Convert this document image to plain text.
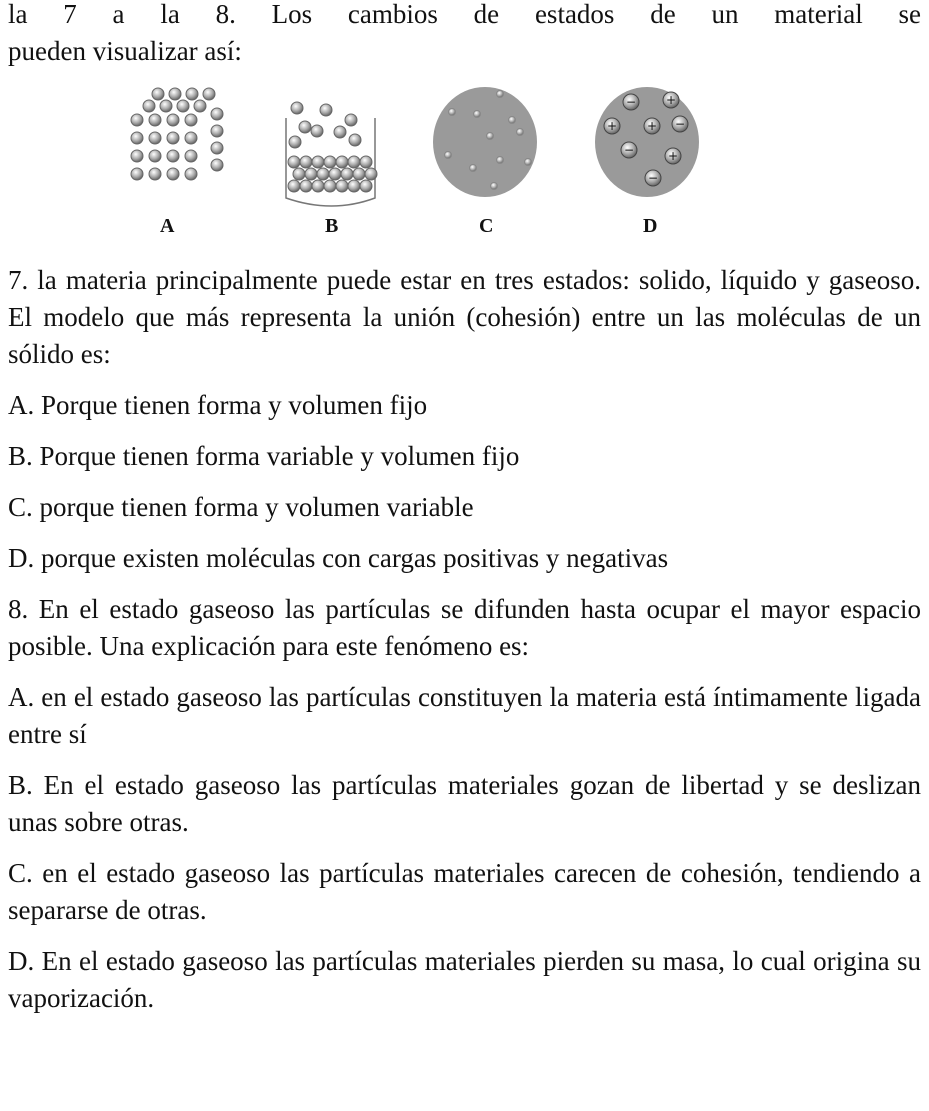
la 7 a la 8. Los cambios de estados de un material se
pueden visualizar así:
− +
+ + −
−	+
−
A	B	C	D
7. la materia principalmente puede estar en tres estados: solido, líquido y gaseoso. El modelo que más representa la unión (cohesión) entre un las moléculas de un sólido es:
A. Porque tienen forma y volumen fijo
B. Porque tienen forma variable y volumen fijo
C. porque tienen forma y volumen variable
D. porque existen moléculas con cargas positivas y negativas
8. En el estado gaseoso las partículas se difunden hasta ocupar el mayor espacio posible. Una explicación para este fenómeno es:
A. en el estado gaseoso las partículas constituyen la materia está íntimamente ligada entre sí
B. En el estado gaseoso las partículas materiales gozan de libertad y se deslizan unas sobre otras.
C. en el estado gaseoso las partículas materiales carecen de cohesión, tendiendo a separarse de otras.
D. En el estado gaseoso las partículas materiales pierden su masa, lo cual origina su vaporización.
